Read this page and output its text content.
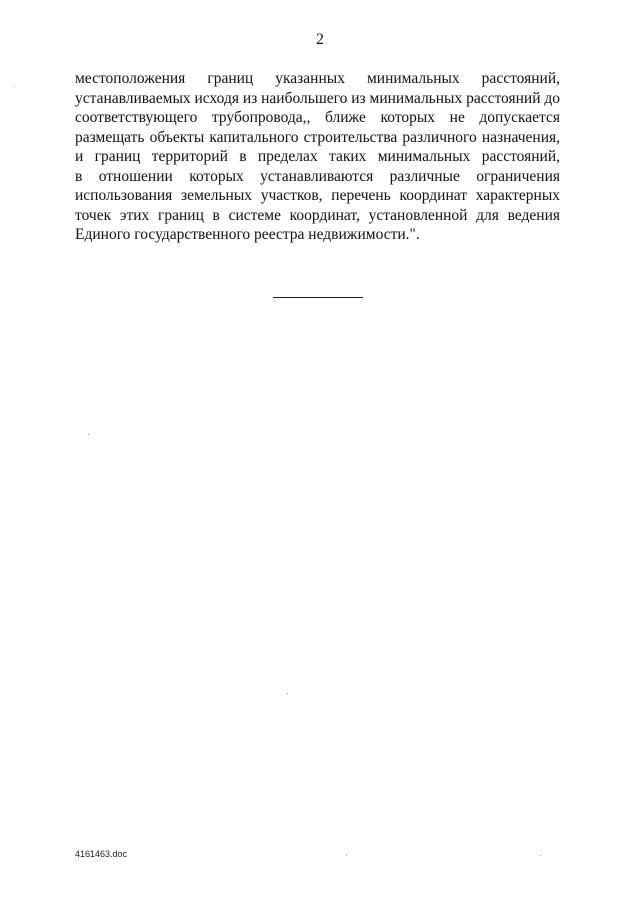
2
местоположения границ указанных минимальных расстояний,
устанавливаемых исходя из наибольшего из минимальных расстояний до
соответствующего трубопровода,, ближе которых не допускается
размещать объекты капитального строительства различного назначения,
и границ территорий в пределах таких минимальных расстояний,
в отношении которых устанавливаются различные ограничения
использования земельных участков, перечень координат характерных
точек этих границ в системе координат, установленной для ведения
Единого государственного реестра недвижимости.".
4161463.doc
